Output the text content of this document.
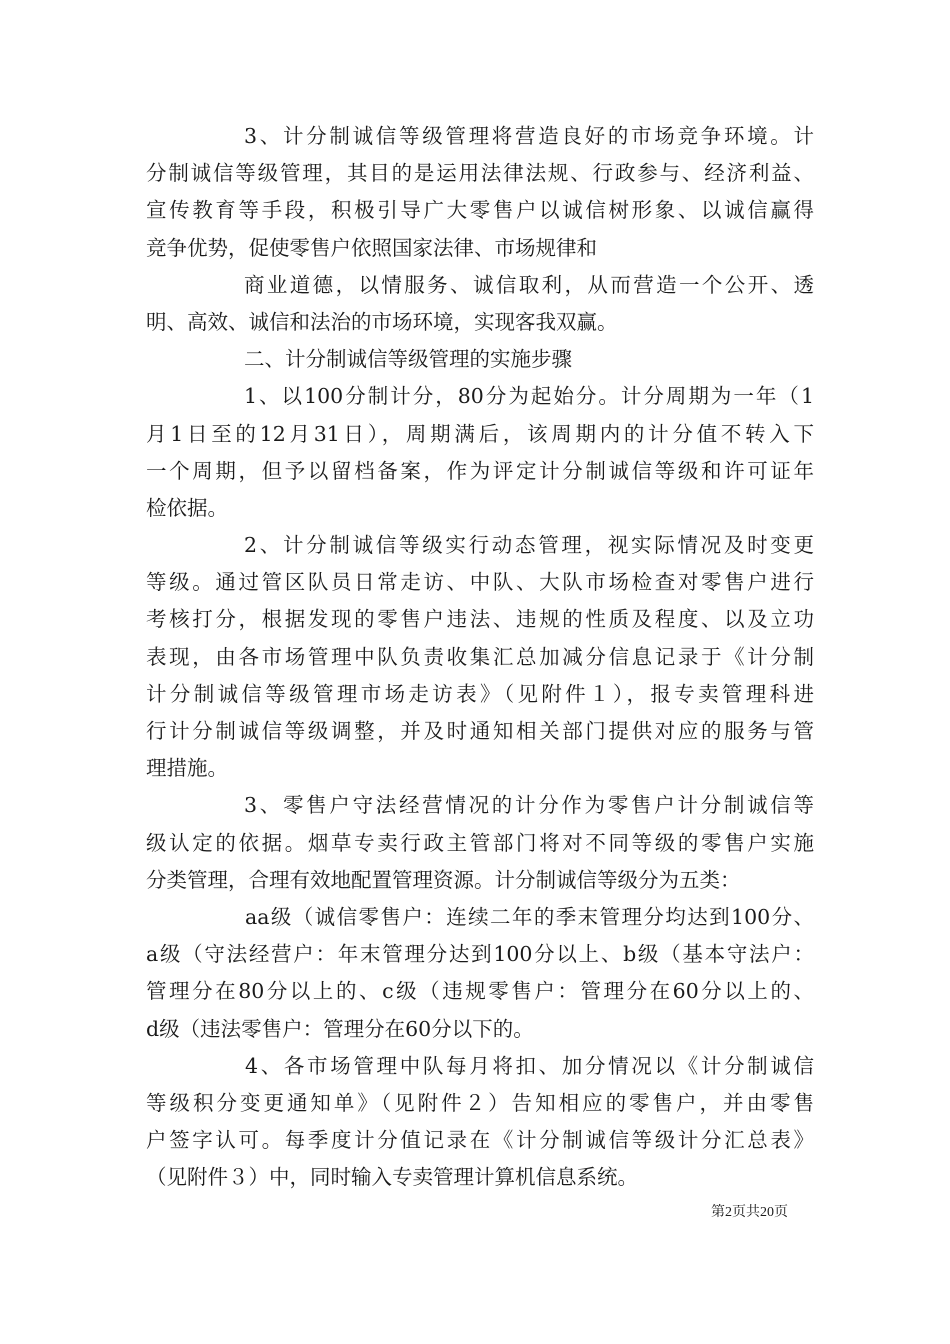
3、计分制诚信等级管理将营造良好的市场竞争环境。计
分制诚信等级管理，其目的是运用法律法规、行政参与、经济利益、
宣传教育等手段，积极引导广大零售户以诚信树形象、以诚信赢得
竞争优势，促使零售户依照国家法律、市场规律和
商业道德，以情服务、诚信取利，从而营造一个公开、透
明、高效、诚信和法治的市场环境，实现客我双赢。
二、计分制诚信等级管理的实施步骤
1、以100分制计分，80分为起始分。计分周期为一年（1
月1日至的12月31日），周期满后，该周期内的计分值不转入下
一个周期，但予以留档备案，作为评定计分制诚信等级和许可证年
检依据。
2、计分制诚信等级实行动态管理，视实际情况及时变更
等级。通过管区队员日常走访、中队、大队市场检查对零售户进行
考核打分，根据发现的零售户违法、违规的性质及程度、以及立功
表现，由各市场管理中队负责收集汇总加减分信息记录于《计分制
计分制诚信等级管理市场走访表》（见附件１），报专卖管理科进
行计分制诚信等级调整，并及时通知相关部门提供对应的服务与管
理措施。
3、零售户守法经营情况的计分作为零售户计分制诚信等
级认定的依据。烟草专卖行政主管部门将对不同等级的零售户实施
分类管理，合理有效地配置管理资源。计分制诚信等级分为五类：
aa级（诚信零售户：连续二年的季末管理分均达到100分、
a级（守法经营户：年末管理分达到100分以上、b级（基本守法户：
管理分在80分以上的、c级（违规零售户：管理分在60分以上的、
d级（违法零售户：管理分在60分以下的。
4、各市场管理中队每月将扣、加分情况以《计分制诚信
等级积分变更通知单》（见附件２）告知相应的零售户，并由零售
户签字认可。每季度计分值记录在《计分制诚信等级计分汇总表》
（见附件３）中，同时输入专卖管理计算机信息系统。
第2页共20页
